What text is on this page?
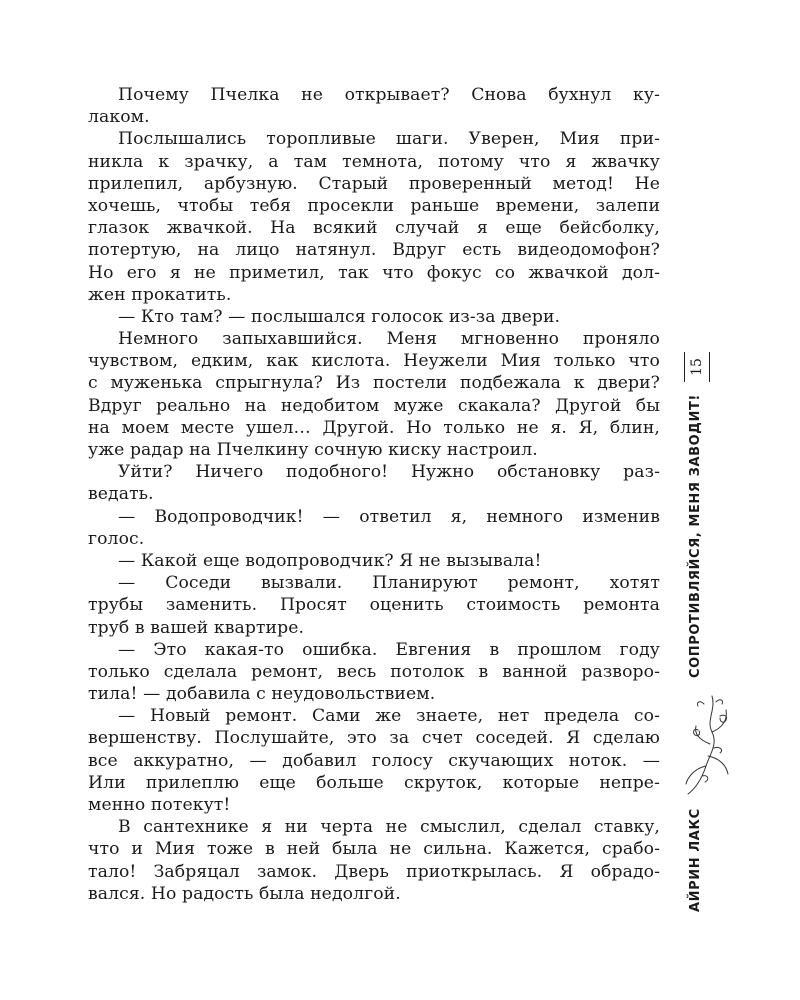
Почему Пчелка не открывает? Снова бухнул ку-
лаком.
Послышались торопливые шаги. Уверен, Мия при-
никла к зрачку, а там темнота, потому что я жвачку
прилепил, арбузную. Старый проверенный метод! Не
хочешь, чтобы тебя просекли раньше времени, залепи
глазок жвачкой. На всякий случай я еще бейсболку,
потертую, на лицо натянул. Вдруг есть видеодомофон?
Но его я не приметил, так что фокус со жвачкой дол-
жен прокатить.
— Кто там? — послышался голосок из-за двери.
Немного запыхавшийся. Меня мгновенно проняло
чувством, едким, как кислота. Неужели Мия только что
с муженька спрыгнула? Из постели подбежала к двери?
Вдруг реально на недобитом муже скакала? Другой бы
на моем месте ушел… Другой. Но только не я. Я, блин,
уже радар на Пчелкину сочную киску настроил.
Уйти? Ничего подобного! Нужно обстановку раз-
ведать.
— Водопроводчик! — ответил я, немного изменив
голос.
— Какой еще водопроводчик? Я не вызывала!
— Соседи вызвали. Планируют ремонт, хотят
трубы заменить. Просят оценить стоимость ремонта
труб в вашей квартире.
— Это какая-то ошибка. Евгения в прошлом году
только сделала ремонт, весь потолок в ванной разворо-
тила! — добавила с неудовольствием.
— Новый ремонт. Сами же знаете, нет предела со-
вершенству. Послушайте, это за счет соседей. Я сделаю
все аккуратно, — добавил голосу скучающих ноток. —
Или прилеплю еще больше скруток, которые непре-
менно потекут!
В сантехнике я ни черта не смыслил, сделал ставку,
что и Мия тоже в ней была не сильна. Кажется, срабо-
тало! Забряцал замок. Дверь приоткрылась. Я обрадо-
вался. Но радость была недолгой.
15
СОПРОТИВЛЯЙСЯ, МЕНЯ ЗАВОДИТ!
АЙРИН ЛАКС
